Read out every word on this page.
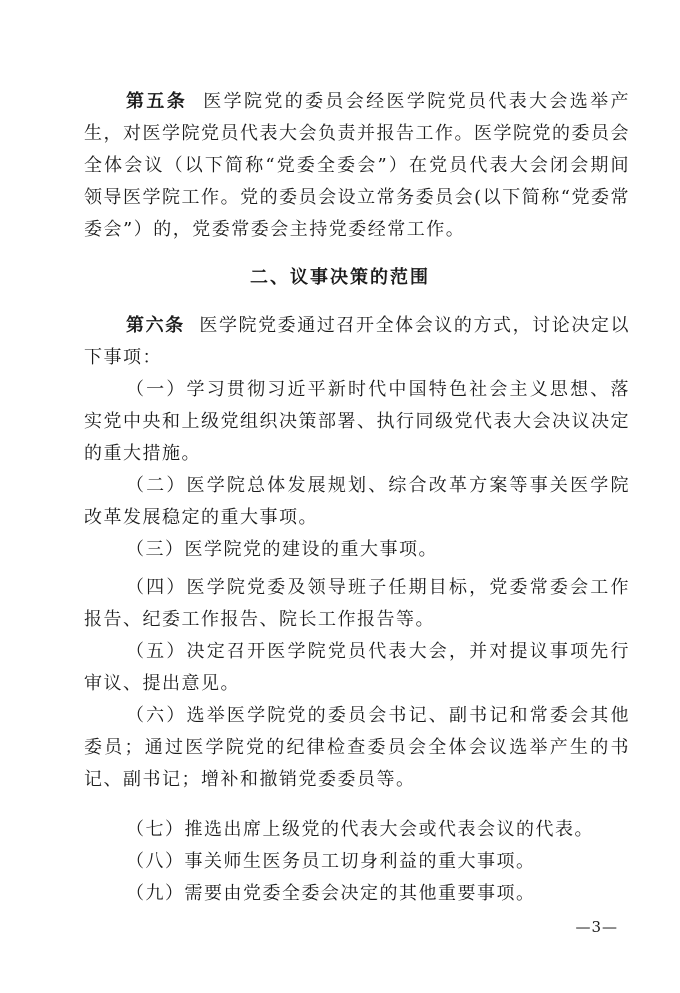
第五条 医学院党的委员会经医学院党员代表大会选举产生，对医学院党员代表大会负责并报告工作。医学院党的委员会全体会议（以下简称“党委全委会”）在党员代表大会闭会期间领导医学院工作。党的委员会设立常务委员会(以下简称“党委常委会”）的，党委常委会主持党委经常工作。

二、议事决策的范围

第六条 医学院党委通过召开全体会议的方式，讨论决定以下事项：

（一）学习贯彻习近平新时代中国特色社会主义思想、落实党中央和上级党组织决策部署、执行同级党代表大会决议决定的重大措施。

（二）医学院总体发展规划、综合改革方案等事关医学院改革发展稳定的重大事项。

（三）医学院党的建设的重大事项。

（四）医学院党委及领导班子任期目标，党委常委会工作报告、纪委工作报告、院长工作报告等。

（五）决定召开医学院党员代表大会，并对提议事项先行审议、提出意见。

（六）选举医学院党的委员会书记、副书记和常委会其他委员；通过医学院党的纪律检查委员会全体会议选举产生的书记、副书记；增补和撤销党委委员等。

（七）推选出席上级党的代表大会或代表会议的代表。

（八）事关师生医务员工切身利益的重大事项。

（九）需要由党委全委会决定的其他重要事项。

—3—
